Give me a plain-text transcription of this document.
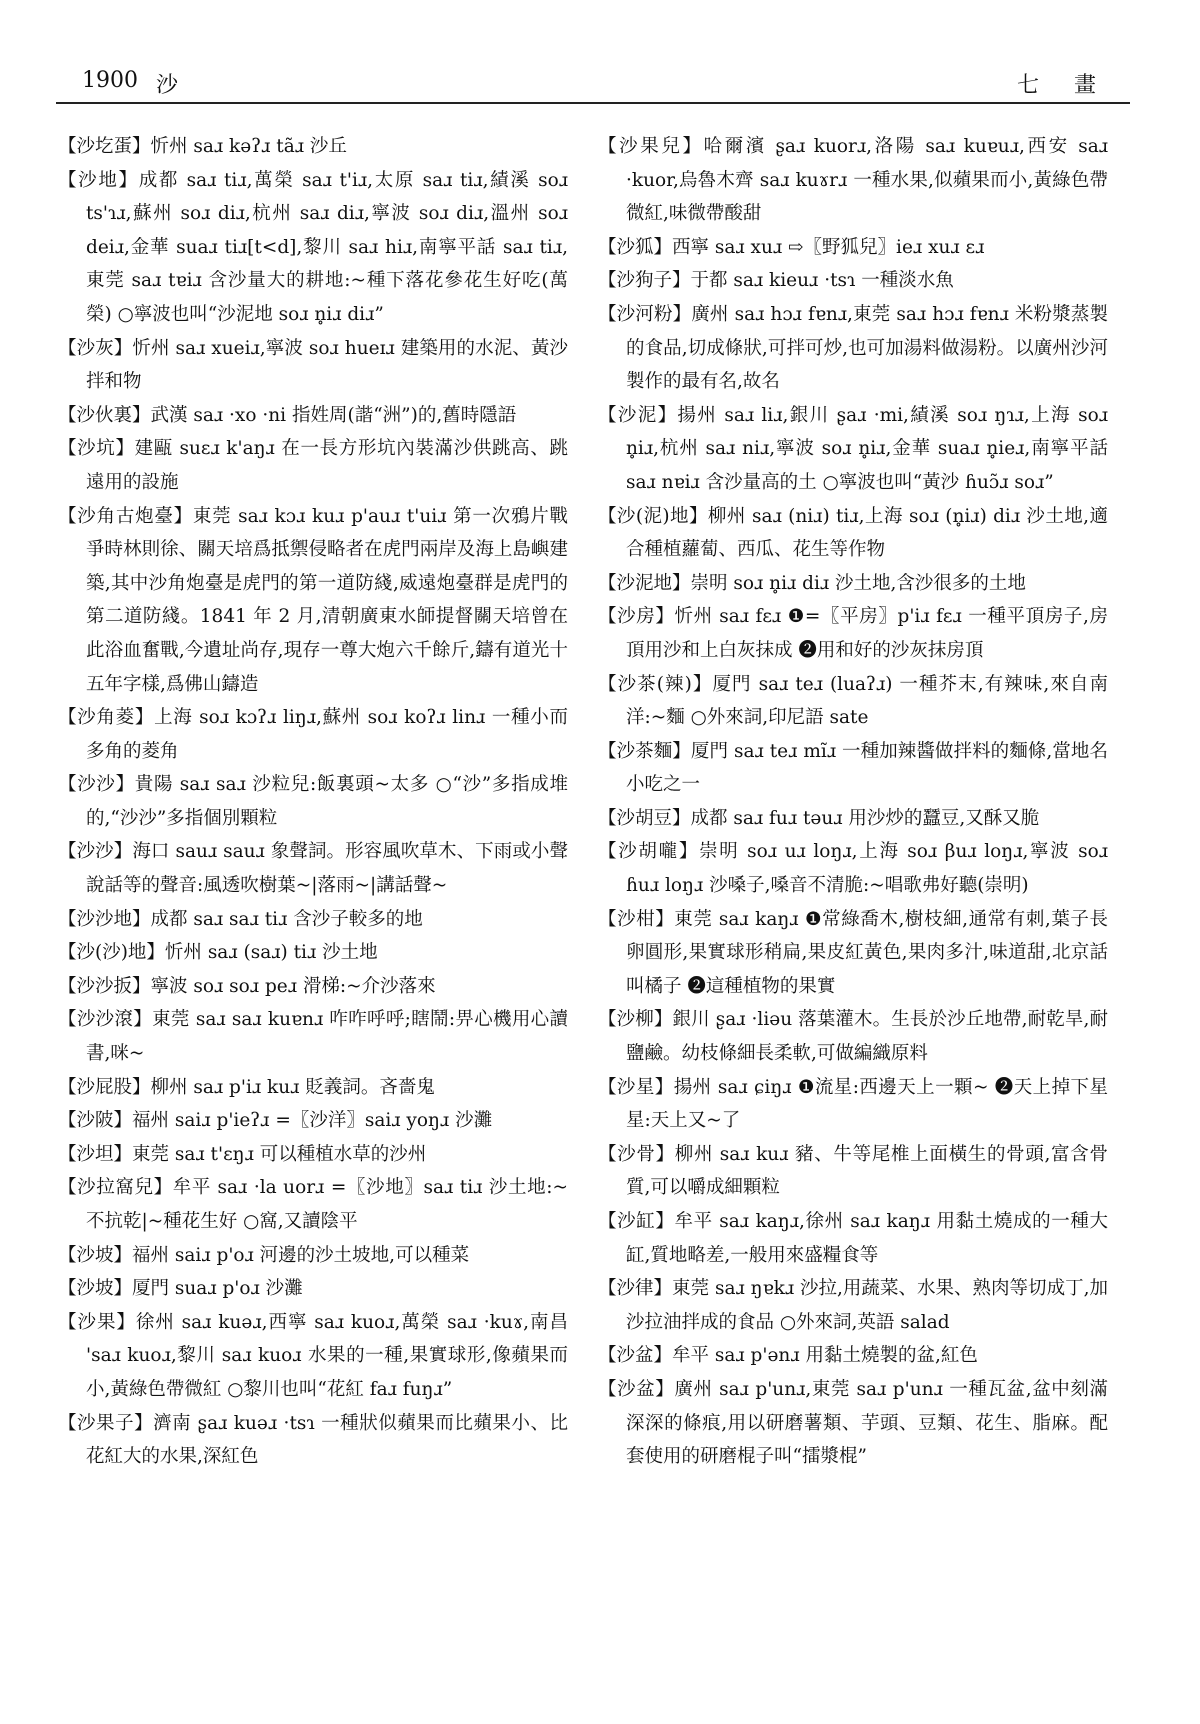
1900 沙	七 畫

【沙圪蛋】忻州 saɹ kəʔɹ tãɹ 沙丘

【沙地】成都 saɹ tiɹ,萬榮 saɹ t'iɹ,太原 saɹ tiɹ,績溪 soɹ ts'ɿɹ,蘇州 soɹ diɹ,杭州 saɹ diɹ,寧波 soɹ diɹ,溫州 soɹ deiɹ,金華 suaɹ tiɹ[t<d],黎川 saɹ hiɹ,南寧平話 saɹ tiɹ,東莞 saɹ tɐiɹ 含沙量大的耕地:~種下落花參花生好吃(萬榮) ○寧波也叫“沙泥地 soɹ n̥iɹ diɹ”

【沙灰】忻州 saɹ xueiɹ,寧波 soɹ hueɪɹ 建築用的水泥、黃沙拌和物

【沙伙裏】武漢 saɹ ·xo ·ni 指姓周(諧“洲”)的,舊時隱語

【沙坑】建甌 suɛɹ k'aŋɹ 在一長方形坑內裝滿沙供跳高、跳遠用的設施

【沙角古炮臺】東莞 saɹ kɔɹ kuɹ p'auɹ t'uiɹ 第一次鴉片戰爭時林則徐、關天培爲抵禦侵略者在虎門兩岸及海上島嶼建築,其中沙角炮臺是虎門的第一道防綫,威遠炮臺群是虎門的第二道防綫。1841 年 2 月,清朝廣東水師提督關天培曾在此浴血奮戰,今遺址尚存,現存一尊大炮六千餘斤,鑄有道光十五年字樣,爲佛山鑄造

【沙角菱】上海 soɹ kɔʔɹ liŋɹ,蘇州 soɹ koʔɹ linɹ 一種小而多角的菱角

【沙沙】貴陽 saɹ saɹ 沙粒兒:飯裏頭~太多 ○“沙”多指成堆的,“沙沙”多指個別顆粒

【沙沙】海口 sauɹ sauɹ 象聲詞。形容風吹草木、下雨或小聲說話等的聲音:風透吹樹葉~|落雨~|講話聲~

【沙沙地】成都 saɹ saɹ tiɹ 含沙子較多的地

【沙(沙)地】忻州 saɹ (saɹ) tiɹ 沙土地

【沙沙扳】寧波 soɹ soɹ peɹ 滑梯:~介沙落來

【沙沙滾】東莞 saɹ saɹ kuɐnɹ 咋咋呼呼;瞎鬧:畀心機用心讀書,咪~

【沙屁股】柳州 saɹ p'iɹ kuɹ 貶義詞。吝嗇鬼

【沙陂】福州 saiɹ p'ieʔɹ =〖沙洋〗saiɹ yoŋɹ 沙灘

【沙坦】東莞 saɹ t'ɛŋɹ 可以種植水草的沙州

【沙拉窩兒】牟平 saɹ ·la uorɹ =〖沙地〗saɹ tiɹ 沙土地:~不抗乾|~種花生好 ○窩,又讀陰平

【沙坡】福州 saiɹ p'oɹ 河邊的沙土坡地,可以種菜

【沙坡】厦門 suaɹ p'oɹ 沙灘

【沙果】徐州 saɹ kuəɹ,西寧 saɹ kuoɹ,萬榮 saɹ ·kuɤ,南昌 'saɹ kuoɹ,黎川 saɹ kuoɹ 水果的一種,果實球形,像蘋果而小,黃綠色帶微紅 ○黎川也叫“花紅 faɹ fuŋɹ”

【沙果子】濟南 ʂaɹ kuəɹ ·tsɿ 一種狀似蘋果而比蘋果小、比花紅大的水果,深紅色

【沙果兒】哈爾濱 ʂaɹ kuorɹ,洛陽 saɹ kuɐuɹ,西安 saɹ ·kuor,烏魯木齊 saɹ kuɤrɹ 一種水果,似蘋果而小,黃綠色帶微紅,味微帶酸甜

【沙狐】西寧 saɹ xuɹ ⇨〖野狐兒〗ieɹ xuɹ ɛɹ

【沙狗子】于都 saɹ kieuɹ ·tsɿ 一種淡水魚

【沙河粉】廣州 saɹ hɔɹ fɐnɹ,東莞 saɹ hɔɹ fɐnɹ 米粉漿蒸製的食品,切成條狀,可拌可炒,也可加湯料做湯粉。以廣州沙河製作的最有名,故名

【沙泥】揚州 saɹ liɹ,銀川 ʂaɹ ·mi,績溪 soɹ ŋɿɹ,上海 soɹ n̥iɹ,杭州 saɹ niɹ,寧波 soɹ n̥iɹ,金華 suaɹ n̥ieɹ,南寧平話 saɹ nɐiɹ 含沙量高的土 ○寧波也叫“黃沙 ɦuɔ̃ɹ soɹ”

【沙(泥)地】柳州 saɹ (niɹ) tiɹ,上海 soɹ (n̥iɹ) diɹ 沙土地,適合種植蘿蔔、西瓜、花生等作物

【沙泥地】崇明 soɹ n̥iɹ diɹ 沙土地,含沙很多的土地

【沙房】忻州 saɹ fɛɹ ❶=〖平房〗p'iɹ fɛɹ 一種平頂房子,房頂用沙和上白灰抹成 ❷用和好的沙灰抹房頂

【沙茶(辣)】厦門 saɹ teɹ (luaʔɹ) 一種芥末,有辣味,來自南洋:~麵 ○外來詞,印尼語 sate

【沙茶麵】厦門 saɹ teɹ mĩɹ 一種加辣醬做拌料的麵條,當地名小吃之一

【沙胡豆】成都 saɹ fuɹ təuɹ 用沙炒的蠶豆,又酥又脆

【沙胡嚨】崇明 soɹ uɹ loŋɹ,上海 soɹ βuɹ loŋɹ,寧波 soɹ ɦuɹ loŋɹ 沙嗓子,嗓音不清脆:~唱歌弗好聽(崇明)

【沙柑】東莞 saɹ kaŋɹ ❶常綠喬木,樹枝細,通常有刺,葉子長卵圓形,果實球形稍扁,果皮紅黃色,果肉多汁,味道甜,北京話叫橘子 ❷這種植物的果實

【沙柳】銀川 ʂaɹ ·liəu 落葉灌木。生長於沙丘地帶,耐乾旱,耐鹽鹼。幼枝條細長柔軟,可做編織原料

【沙星】揚州 saɹ ɕiŋɹ ❶流星:西邊天上一顆~ ❷天上掉下星星:天上又~了

【沙骨】柳州 saɹ kuɹ 豬、牛等尾椎上面橫生的骨頭,富含骨質,可以嚼成細顆粒

【沙缸】牟平 saɹ kaŋɹ,徐州 saɹ kaŋɹ 用黏土燒成的一種大缸,質地略差,一般用來盛糧食等

【沙律】東莞 saɹ ŋɐkɹ 沙拉,用蔬菜、水果、熟肉等切成丁,加沙拉油拌成的食品 ○外來詞,英語 salad

【沙盆】牟平 saɹ p'ənɹ 用黏土燒製的盆,紅色

【沙盆】廣州 saɹ p'unɹ,東莞 saɹ p'unɹ 一種瓦盆,盆中刻滿深深的條痕,用以研磨薯類、芋頭、豆類、花生、脂麻。配套使用的研磨棍子叫“擂漿棍”
